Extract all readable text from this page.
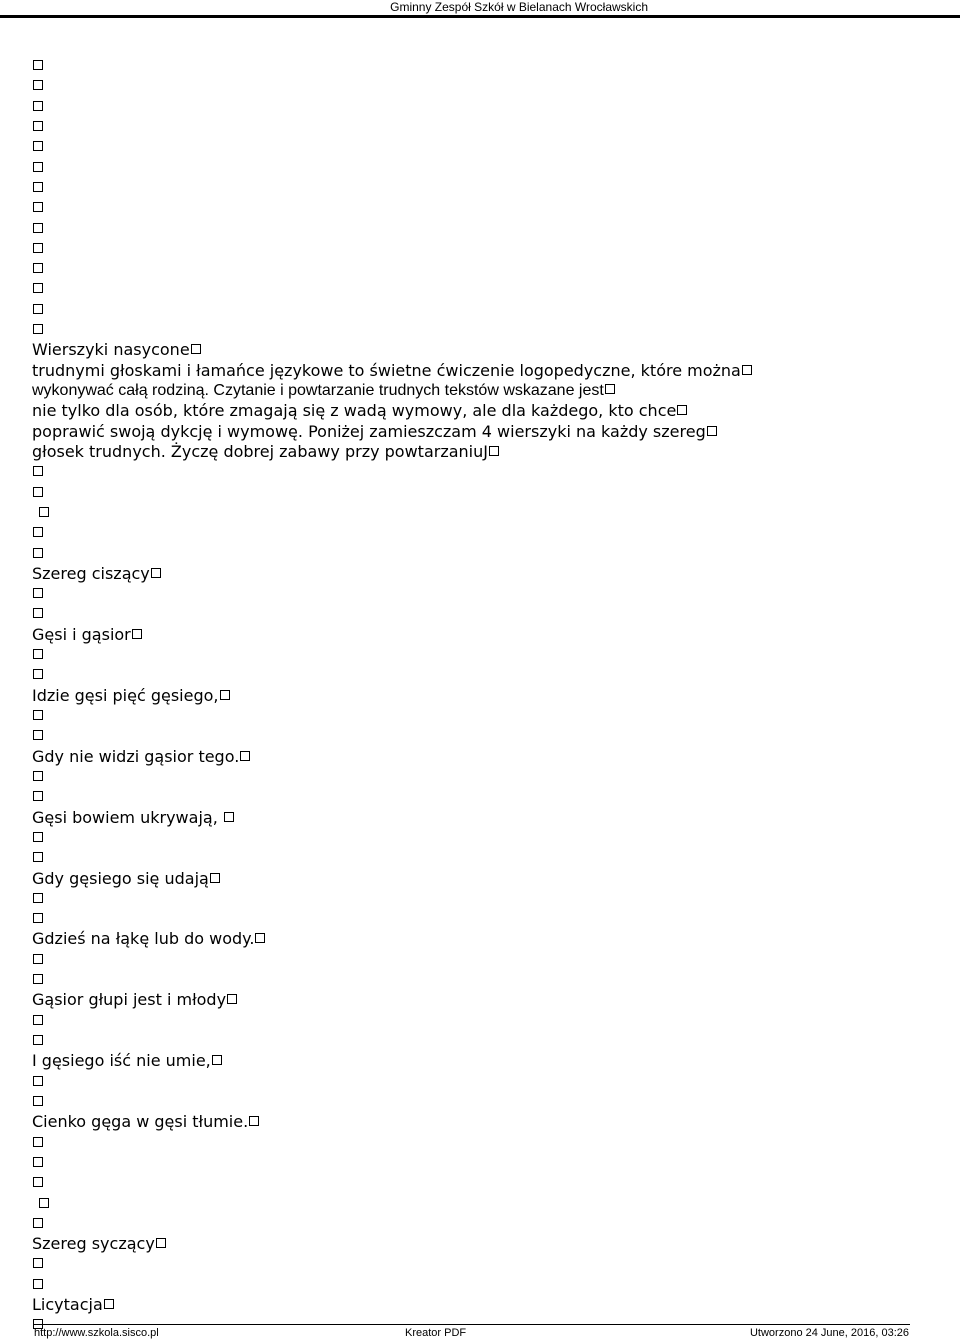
Gminny Zespół Szkół w Bielanach Wrocławskich
Wierszyki nasycone
trudnymi głoskami i łamańce językowe to świetne ćwiczenie logopedyczne, które można
wykonywać całą rodziną. Czytanie i powtarzanie trudnych tekstów wskazane jest
nie tylko dla osób, które zmagają się z wadą wymowy, ale dla każdego, kto chce
poprawić swoją dykcję i wymowę. Poniżej zamieszczam 4 wierszyki na każdy szereg
głosek trudnych. Życzę dobrej zabawy przy powtarzaniuJ
Szereg ciszący
Gęsi i gąsior
Idzie gęsi pięć gęsiego,
Gdy nie widzi gąsior tego.
Gęsi bowiem ukrywają,
Gdy gęsiego się udają
Gdzieś na łąkę lub do wody.
Gąsior głupi jest i młody
I gęsiego iść nie umie,
Cienko gęga w gęsi tłumie.
Szereg syczący
Licytacja
http://www.szkola.sisco.pl	Kreator PDF	Utworzono 24 June, 2016, 03:26
